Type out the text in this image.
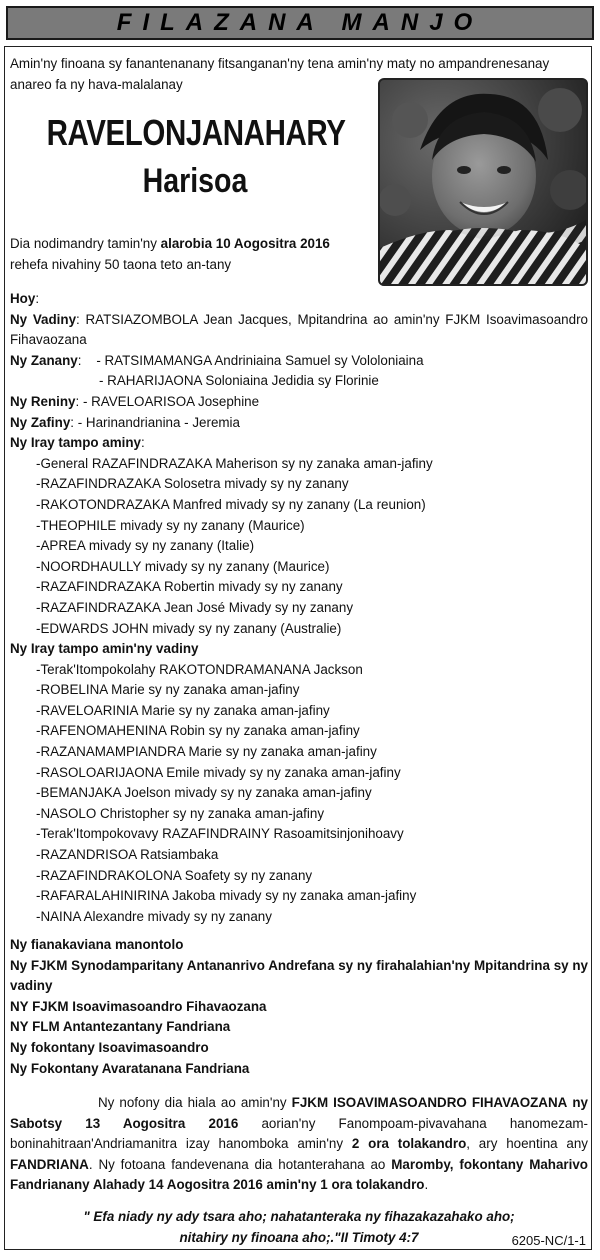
FILAZANA MANJO
Amin'ny finoana sy fanantenanany fitsanganan'ny tena amin'ny maty no ampandrenesanay anareo fa ny hava-malalanay
RAVELONJANAHARY
Harisoa
Dia nodimandry tamin'ny alarobia 10 Aogositra 2016
rehefa nivahiny 50 taona teto an-tany
Hoy:
Ny Vadiny: RATSIAZOMBOLA Jean Jacques, Mpitandrina ao amin'ny FJKM Isoavimasoandro Fihavaozana
Ny Zanany:    - RATSIMAMANGA Andriniaina Samuel sy Vololoniaina
- RAHARIJAONA Soloniaina Jedidia sy Florinie
Ny Reniny: - RAVELOARISOA Josephine
Ny Zafiny: - Harinandrianina - Jeremia
Ny Iray tampo aminy:
-General RAZAFINDRAZAKA Maherison sy ny zanaka aman-jafiny
-RAZAFINDRAZAKA Solosetra mivady sy ny zanany
-RAKOTONDRAZAKA Manfred mivady sy ny zanany (La reunion)
-THEOPHILE mivady sy ny zanany (Maurice)
-APREA mivady sy ny zanany (Italie)
-NOORDHAULLY mivady sy ny zanany (Maurice)
-RAZAFINDRAZAKA Robertin mivady sy ny zanany
-RAZAFINDRAZAKA Jean José Mivady sy ny zanany
-EDWARDS JOHN mivady sy ny zanany (Australie)
Ny Iray tampo amin'ny vadiny
-Terak'Itompokolahy RAKOTONDRAMANANA Jackson
-ROBELINA Marie sy ny zanaka aman-jafiny
-RAVELOARINIA Marie sy ny zanaka aman-jafiny
-RAFENOMAHENINA Robin sy ny zanaka aman-jafiny
-RAZANAMAMPIANDRA Marie sy ny zanaka aman-jafiny
-RASOLOARIJAONA Emile mivady sy ny zanaka aman-jafiny
-BEMANJAKA Joelson mivady sy ny zanaka aman-jafiny
-NASOLO Christopher sy ny zanaka aman-jafiny
-Terak'Itompokovavy RAZAFINDRAINY Rasoamitsinjonihoavy
-RAZANDRISOA Ratsiambaka
-RAZAFINDRAKOLONA Soafety sy ny zanany
-RAFARALAHINIRINA Jakoba mivady sy ny zanaka aman-jafiny
-NAINA Alexandre mivady sy ny zanany
Ny fianakaviana manontolo
Ny FJKM Synodamparitany Antananrivo Andrefana sy ny firahalahian'ny Mpitandrina sy ny vadiny
NY FJKM Isoavimasoandro Fihavaozana
NY FLM Antantezantany Fandriana
Ny fokontany Isoavimasoandro
Ny Fokontany Avaratanana Fandriana

Ny nofony dia hiala ao amin'ny FJKM ISOAVIMASOANDRO FIHAVAOZANA ny Sabotsy 13 Aogositra 2016 aorian'ny Fanompoam-pivavahana hanomezam-boninahitraan'Andriamanitra izay hanomboka amin'ny 2 ora tolakandro, ary hoentina any FANDRIANA. Ny fotoana fandevenana dia hotanterahana ao Maromby, fokontany Maharivo Fandrianany Alahady 14 Aogositra 2016 amin'ny 1 ora tolakandro.

" Efa niady ny ady tsara aho; nahatanteraka ny fihazakazahako aho;
nitahiry ny finoana aho;."II Timoty 4:7	6205-NC/1-1
